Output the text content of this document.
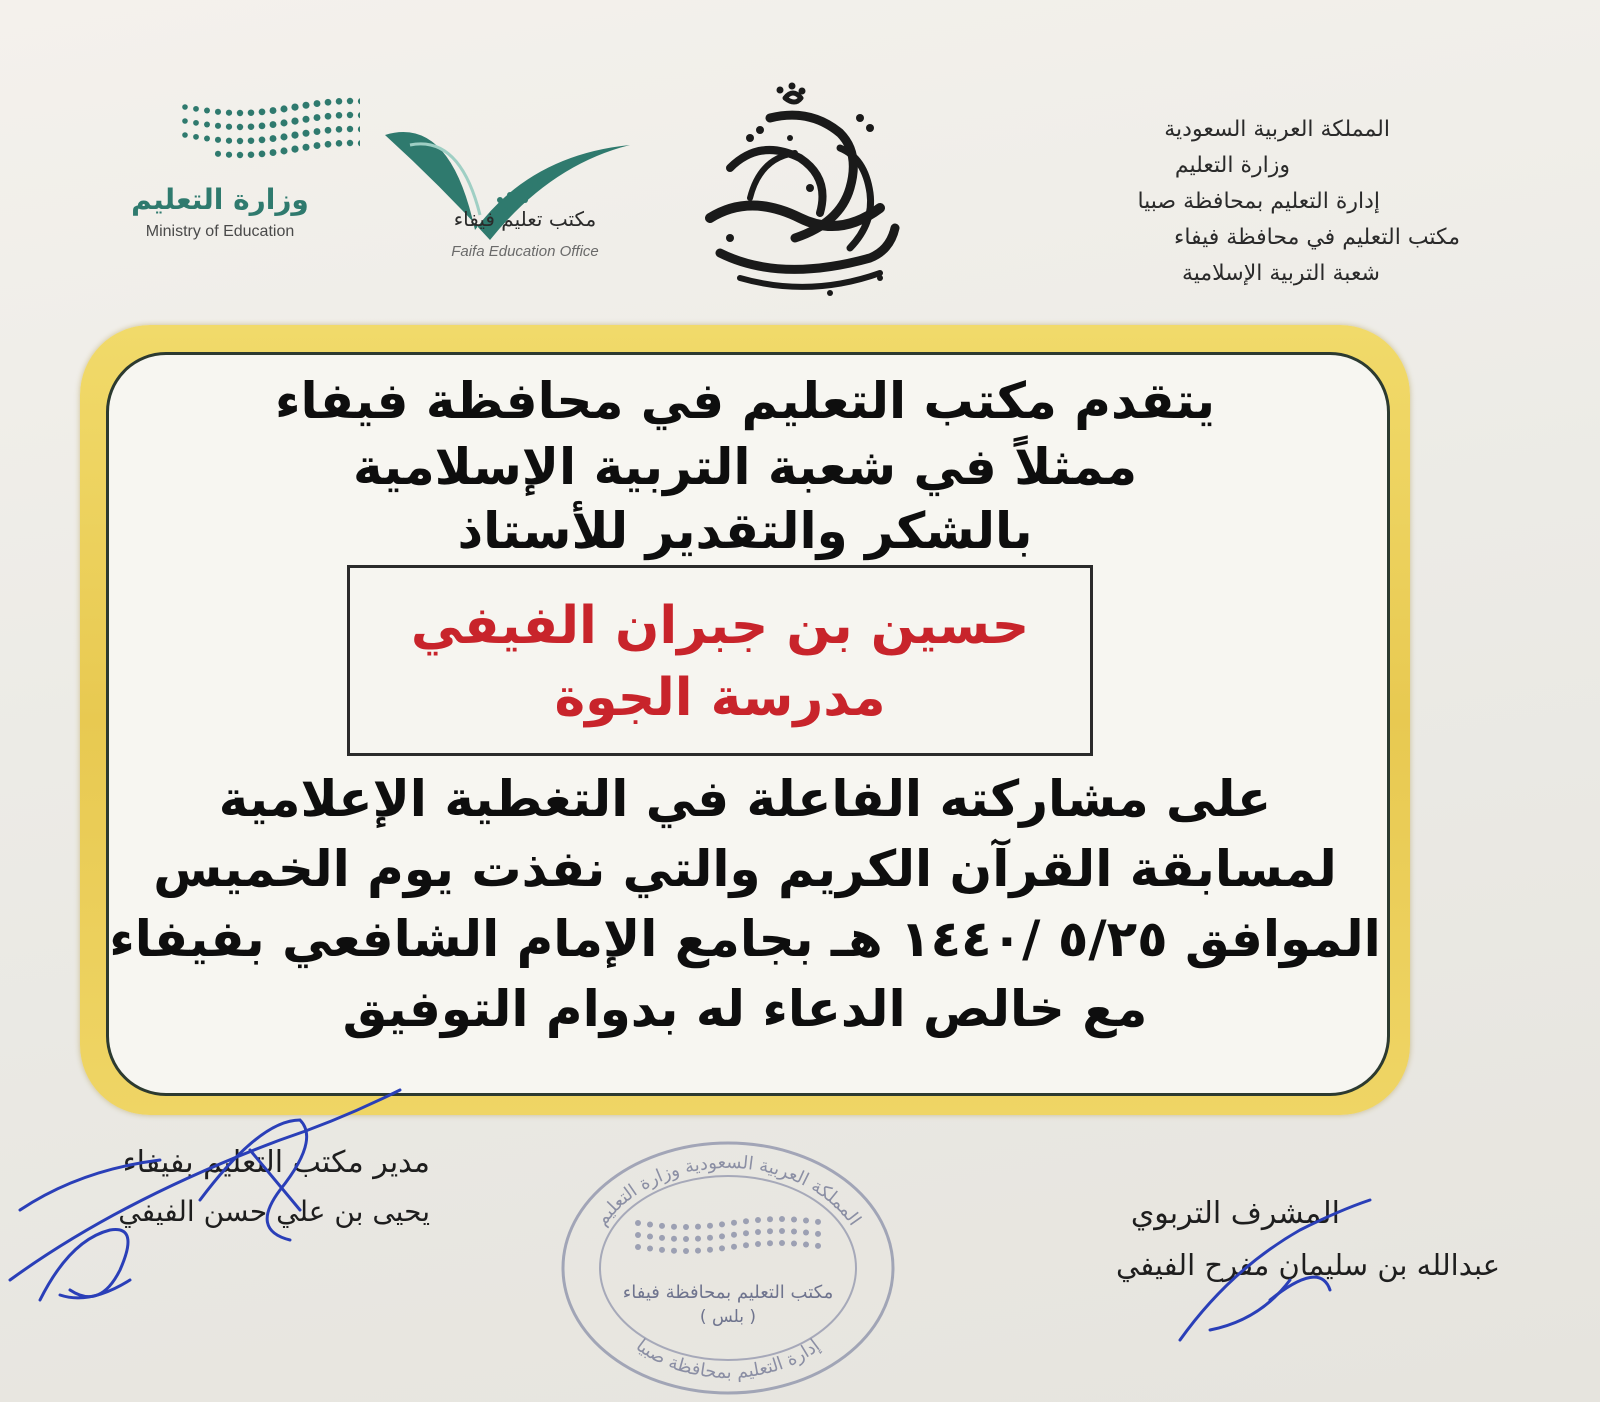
المملكة العربية السعودية
وزارة التعليم
إدارة التعليم بمحافظة صبيا
مكتب التعليم في محافظة فيفاء
شعبة التربية الإسلامية
مكتب تعليم فيفاء
Faifa Education Office
وزارة التعليم
Ministry of Education
يتقدم مكتب التعليم في محافظة فيفاء
ممثلاً في شعبة التربية الإسلامية
بالشكر والتقدير للأستاذ
حسين بن جبران الفيفي
مدرسة الجوة
على مشاركته الفاعلة في التغطية الإعلامية
لمسابقة القرآن الكريم والتي نفذت يوم الخميس
الموافق ٥/٢٥ /١٤٤٠ هـ بجامع الإمام الشافعي بفيفاء
مع خالص الدعاء له بدوام التوفيق
مدير مكتب التعليم بفيفاء
يحيى بن علي حسن الفيفي	المملكة العربية السعودية وزارة التعليم
إدارة التعليم بمحافظة صبيا
مكتب التعليم بمحافظة فيفاء
( بلس )
المشرف التربوي
عبدالله بن سليمان مفرح الفيفي
